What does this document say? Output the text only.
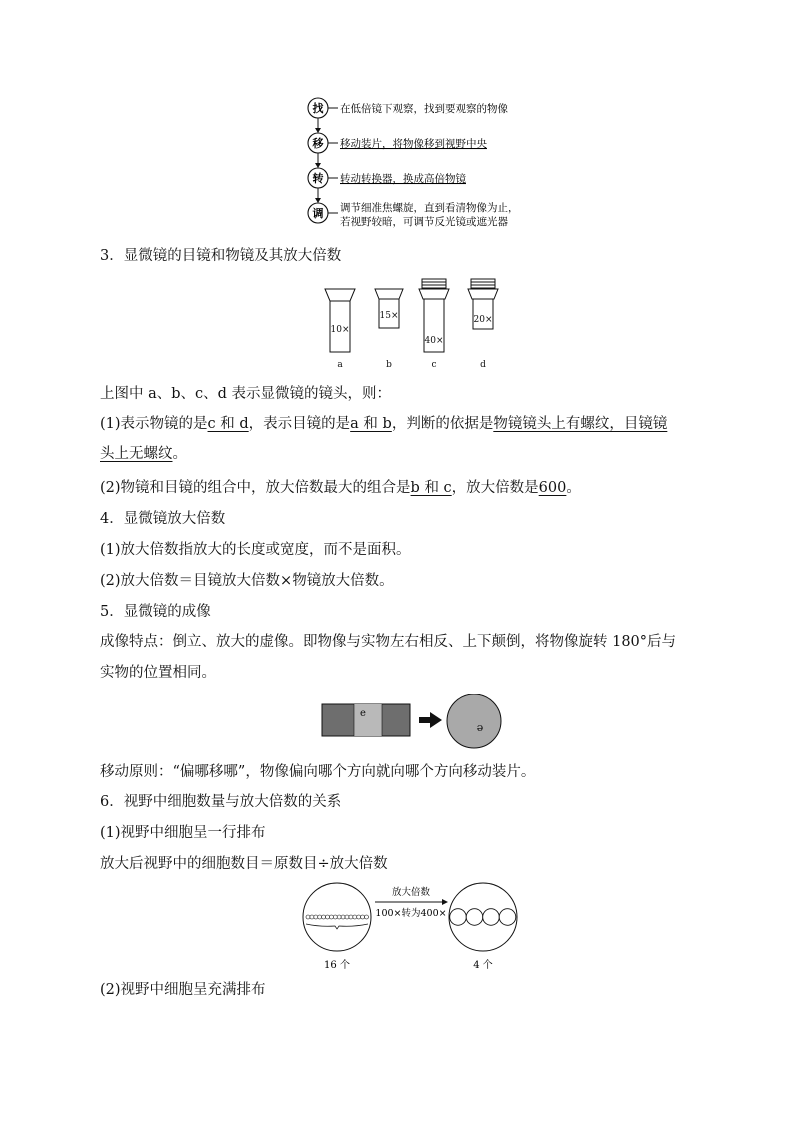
找 在低倍镜下观察，找到要观察的物像
移 移动装片，将物像移到视野中央
转 转动转换器，换成高倍物镜
调 调节细准焦螺旋，直到看清物像为止，
若视野较暗，可调节反光镜或遮光器
3．显微镜的目镜和物镜及其放大倍数
10×
15×
40×
20×
a	b	c	d
上图中 a、b、c、d 表示显微镜的镜头，则：
(1)表示物镜的是c 和 d，表示目镜的是a 和 b，判断的依据是物镜镜头上有螺纹，目镜镜
头上无螺纹。
(2)物镜和目镜的组合中，放大倍数最大的组合是b 和 c，放大倍数是600。
4．显微镜放大倍数
(1)放大倍数指放大的长度或宽度，而不是面积。
(2)放大倍数＝目镜放大倍数×物镜放大倍数。
5．显微镜的成像
成像特点：倒立、放大的虚像。即物像与实物左右相反、上下颠倒，将物像旋转 180°后与
实物的位置相同。
e
ə
移动原则：“偏哪移哪”，物像偏向哪个方向就向哪个方向移动装片。
6．视野中细胞数量与放大倍数的关系
(1)视野中细胞呈一行排布
放大后视野中的细胞数目＝原数目÷放大倍数
放大倍数
100×转为400×
16 个	4 个
(2)视野中细胞呈充满排布
